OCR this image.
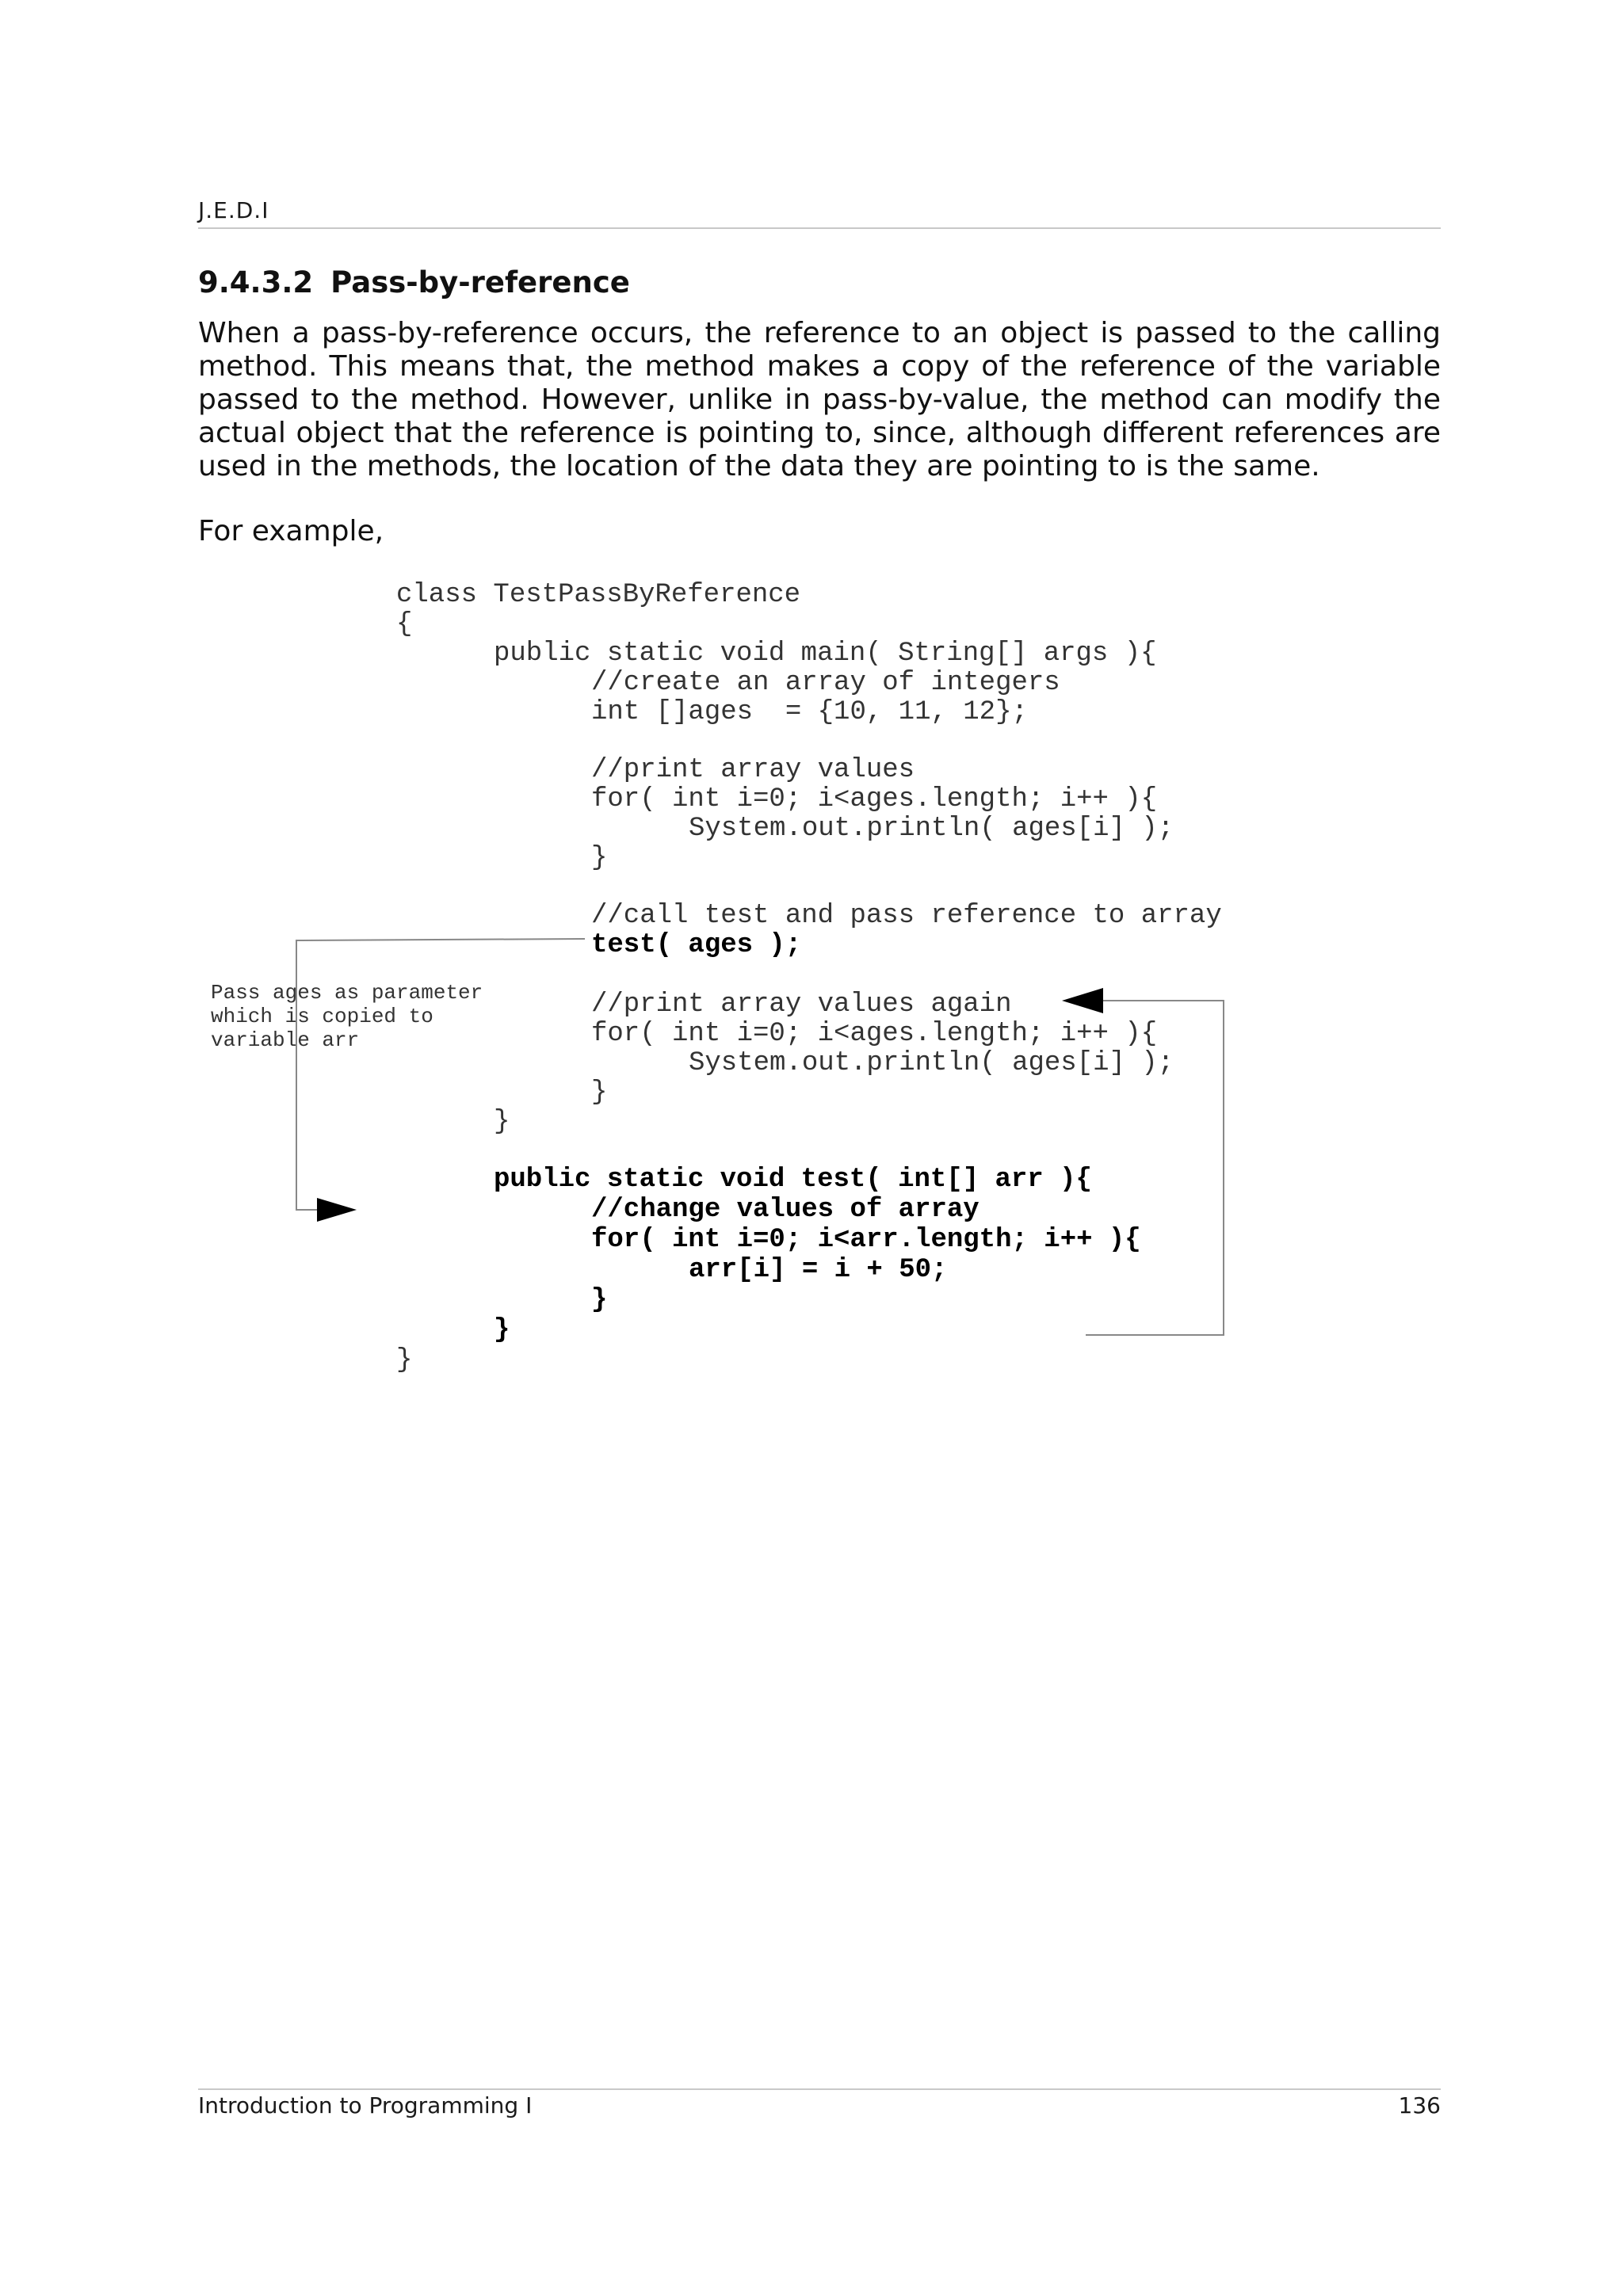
J.E.D.I
9.4.3.2 Pass-by-reference
When a pass-by-reference occurs, the reference to an object is passed to the calling method. This means that, the method makes a copy of the reference of the variable passed to the method. However, unlike in pass-by-value, the method can modify the actual object that the reference is pointing to, since, although different references are used in the methods, the location of the data they are pointing to is the same.
For example,
class TestPassByReference
{
public static void main( String[] args ){
//create an array of integers
int []ages  = {10, 11, 12};
//print array values
for( int i=0; i<ages.length; i++ ){
System.out.println( ages[i] );
}
//call test and pass reference to array
test( ages );
//print array values again
for( int i=0; i<ages.length; i++ ){
System.out.println( ages[i] );
}
}
public static void test( int[] arr ){
//change values of array
for( int i=0; i<arr.length; i++ ){
arr[i] = i + 50;
}
}
}
Pass ages as parameter
which is copied to
variable arr
Introduction to Programming I	136
